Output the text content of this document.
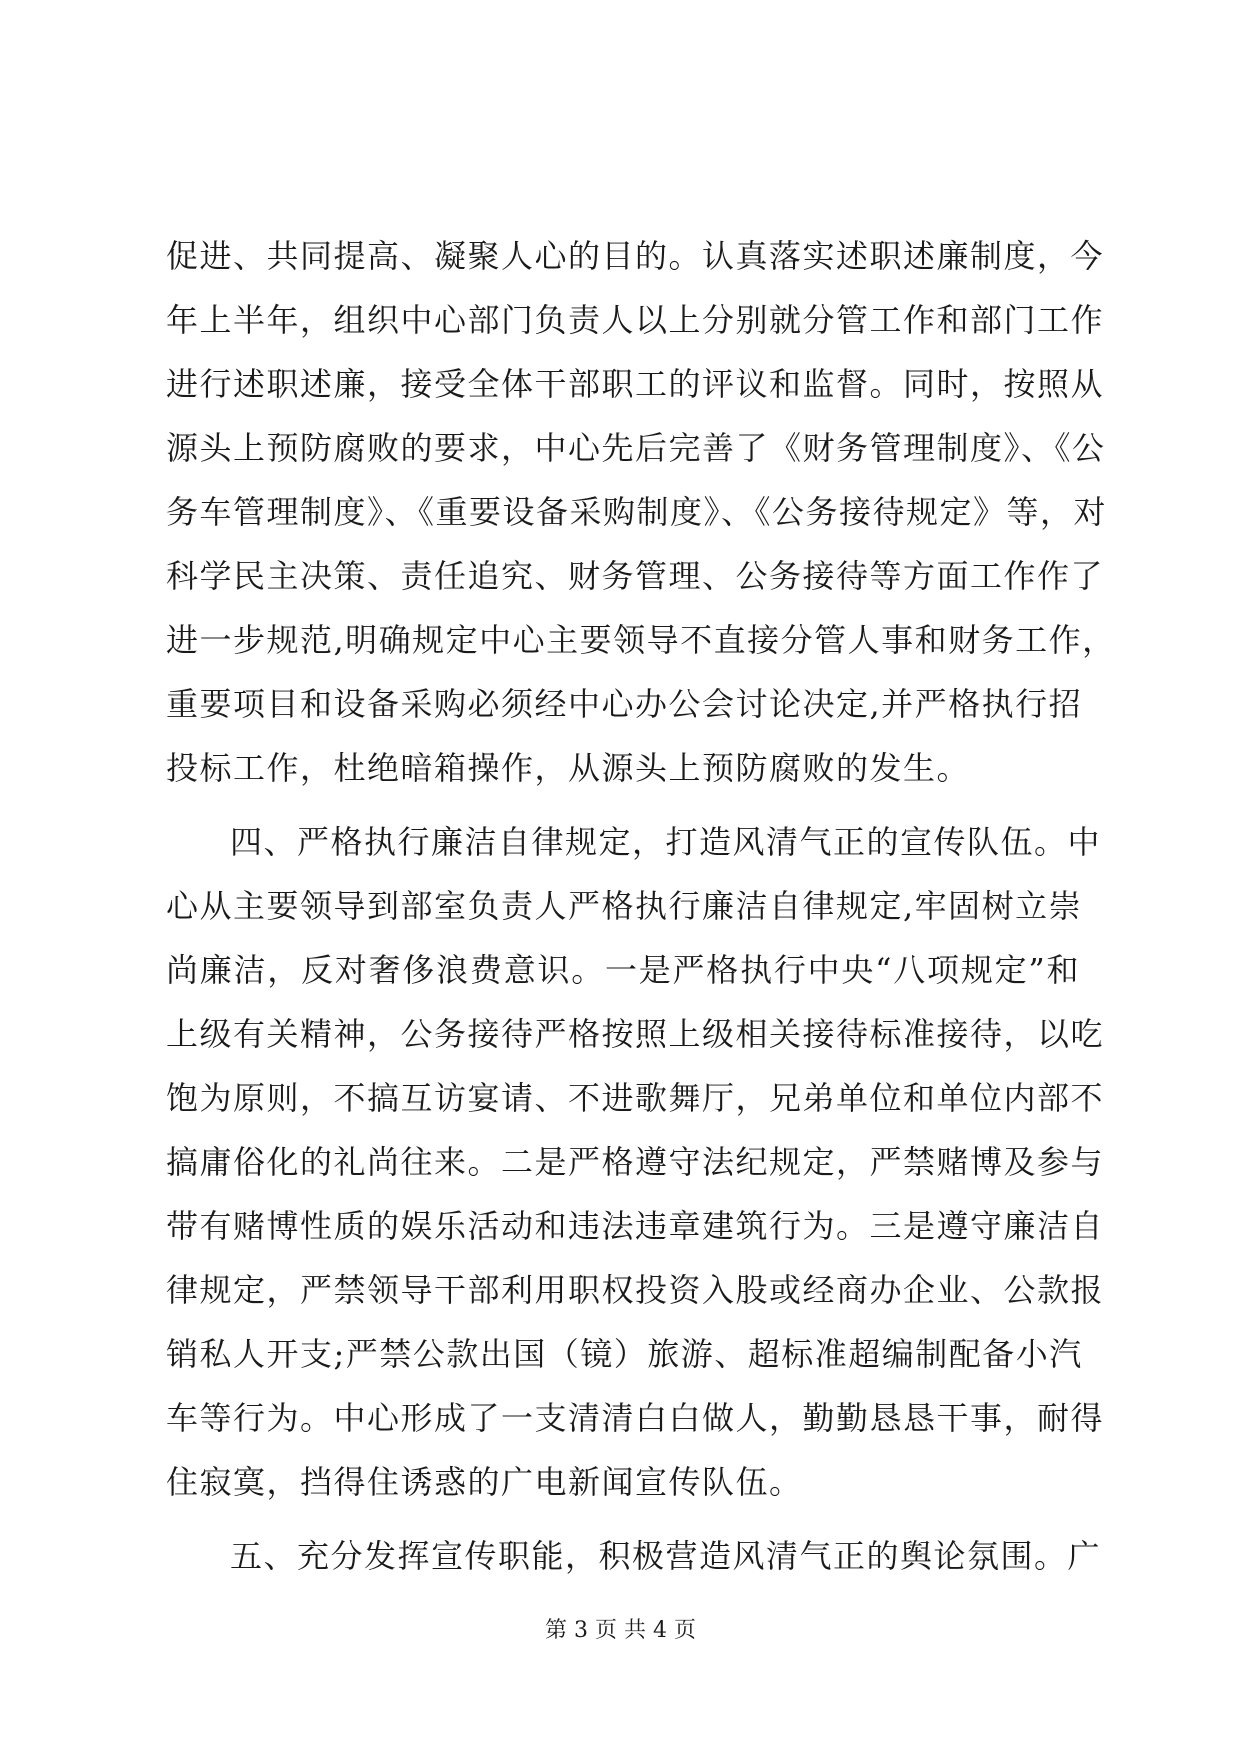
促进、共同提高、凝聚人心的目的。认真落实述职述廉制度，今
年上半年，组织中心部门负责人以上分别就分管工作和部门工作
进行述职述廉，接受全体干部职工的评议和监督。同时，按照从
源头上预防腐败的要求，中心先后完善了《财务管理制度》、《公
务车管理制度》、《重要设备采购制度》、《公务接待规定》等，对
科学民主决策、责任追究、财务管理、公务接待等方面工作作了
进一步规范,明确规定中心主要领导不直接分管人事和财务工作，
重要项目和设备采购必须经中心办公会讨论决定,并严格执行招
投标工作，杜绝暗箱操作，从源头上预防腐败的发生。
四、严格执行廉洁自律规定，打造风清气正的宣传队伍。中
心从主要领导到部室负责人严格执行廉洁自律规定,牢固树立崇
尚廉洁，反对奢侈浪费意识。一是严格执行中央“八项规定”和
上级有关精神，公务接待严格按照上级相关接待标准接待，以吃
饱为原则，不搞互访宴请、不进歌舞厅，兄弟单位和单位内部不
搞庸俗化的礼尚往来。二是严格遵守法纪规定，严禁赌博及参与
带有赌博性质的娱乐活动和违法违章建筑行为。三是遵守廉洁自
律规定，严禁领导干部利用职权投资入股或经商办企业、公款报
销私人开支;严禁公款出国（镜）旅游、超标准超编制配备小汽
车等行为。中心形成了一支清清白白做人，勤勤恳恳干事，耐得
住寂寞，挡得住诱惑的广电新闻宣传队伍。
五、充分发挥宣传职能，积极营造风清气正的舆论氛围。广
第 3 页 共 4 页
